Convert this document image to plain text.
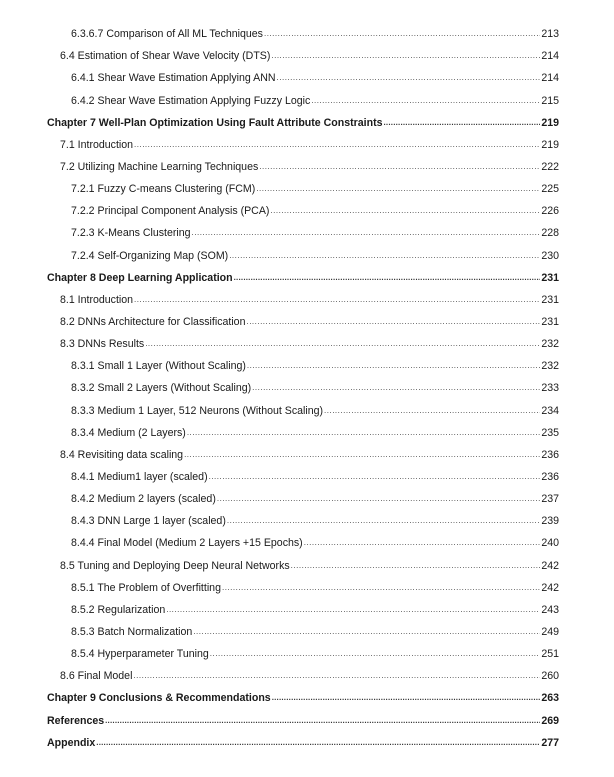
6.3.6.7 Comparison of All ML Techniques .....	213
6.4 Estimation of Shear Wave Velocity (DTS) .....	214
6.4.1 Shear Wave Estimation Applying ANN .....	214
6.4.2 Shear Wave Estimation Applying Fuzzy Logic .....	215
Chapter 7 Well-Plan Optimization Using Fault Attribute Constraints .....	219
7.1 Introduction .....	219
7.2 Utilizing Machine Learning Techniques .....	222
7.2.1 Fuzzy C-means Clustering (FCM) .....	225
7.2.2 Principal Component Analysis (PCA) .....	226
7.2.3 K-Means Clustering .....	228
7.2.4 Self-Organizing Map (SOM) .....	230
Chapter 8 Deep Learning Application .....	231
8.1 Introduction .....	231
8.2 DNNs Architecture for Classification .....	231
8.3 DNNs Results .....	232
8.3.1 Small 1 Layer (Without Scaling) .....	232
8.3.2 Small 2 Layers (Without Scaling) .....	233
8.3.3 Medium 1 Layer, 512 Neurons (Without Scaling) .....	234
8.3.4 Medium (2 Layers) .....	235
8.4 Revisiting data scaling .....	236
8.4.1 Medium1 layer (scaled) .....	236
8.4.2 Medium 2 layers (scaled) .....	237
8.4.3 DNN Large 1 layer (scaled) .....	239
8.4.4 Final Model (Medium 2 Layers +15 Epochs) .....	240
8.5 Tuning and Deploying Deep Neural Networks .....	242
8.5.1 The Problem of Overfitting .....	242
8.5.2 Regularization .....	243
8.5.3 Batch Normalization .....	249
8.5.4 Hyperparameter Tuning .....	251
8.6 Final Model .....	260
Chapter 9 Conclusions & Recommendations .....	263
References .....	269
Appendix .....	277
